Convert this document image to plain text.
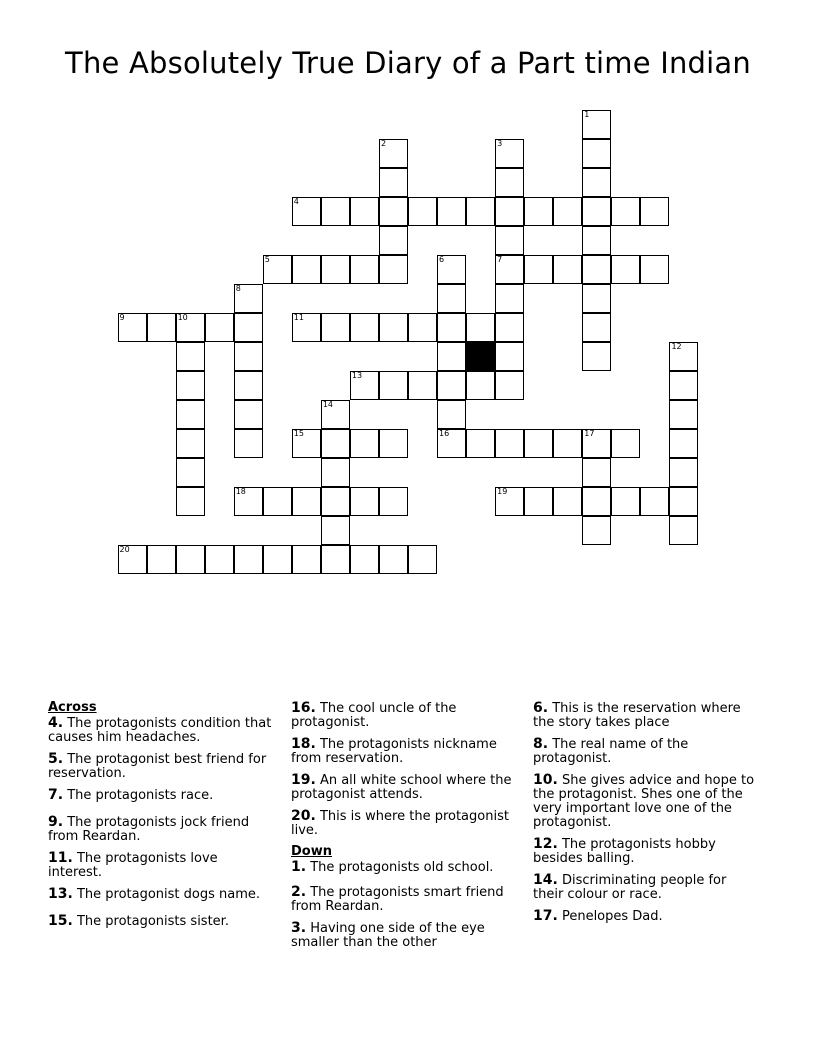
The Absolutely True Diary of a Part time Indian
1
2	3
7
4
5	6
16
8
9	10	11
12
13
14
15	17
18	19
20
Across
4. The protagonists condition that causes him headaches.
5. The protagonist best friend for reservation.
7. The protagonists race.
9. The protagonists jock friend from Reardan.
11. The protagonists love interest.
13. The protagonist dogs name.
15. The protagonists sister.
16. The cool uncle of the protagonist.
18. The protagonists nickname from reservation.
19. An all white school where the protagonist attends.
20. This is where the protagonist live.
Down
1. The protagonists old school.
2. The protagonists smart friend from Reardan.
3. Having one side of the eye smaller than the other
6. This is the reservation where the story takes place
8. The real name of the protagonist.
10. She gives advice and hope to the protagonist. Shes one of the very important love one of the protagonist.
12. The protagonists hobby besides balling.
14. Discriminating people for their colour or race.
17. Penelopes Dad.
